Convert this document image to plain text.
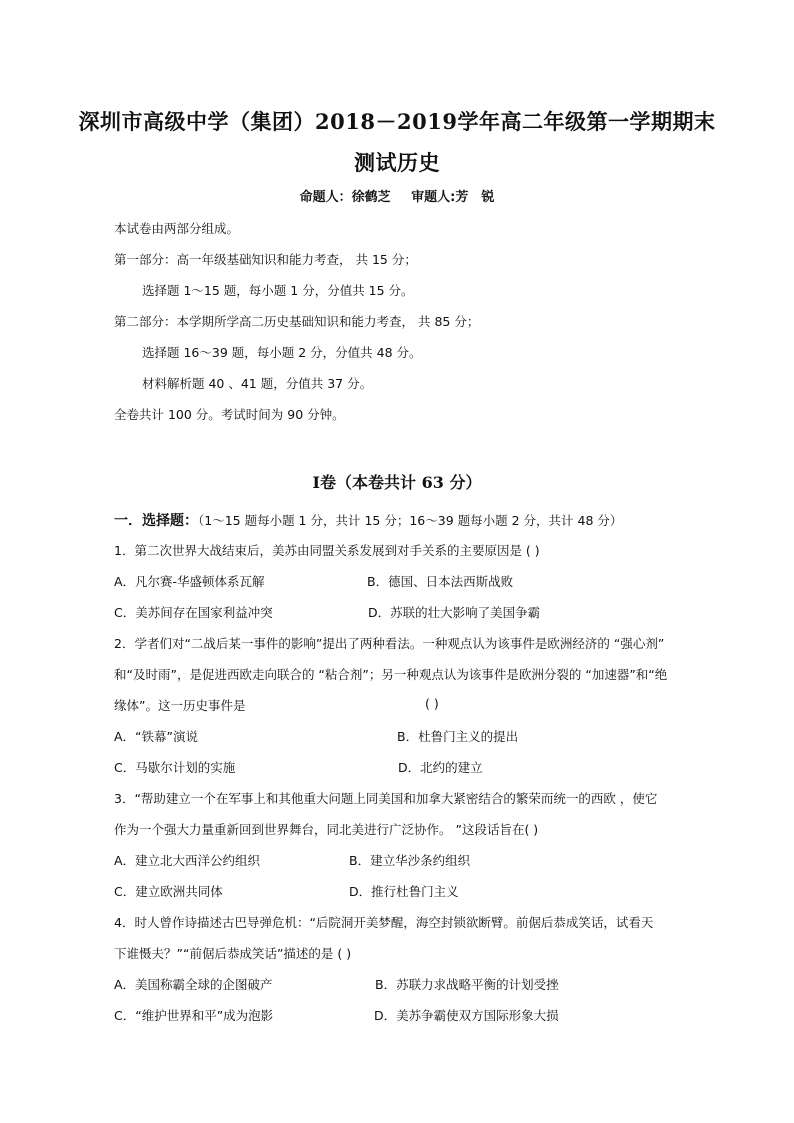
深圳市高级中学（集团）2018－2019学年高二年级第一学期期末
测试历史
命题人：徐鹤芝 审题人:芳　锐
本试卷由两部分组成。
第一部分：高一年级基础知识和能力考查， 共 15 分；
选择题 1～15 题，每小题 1 分，分值共 15 分。
第二部分：本学期所学高二历史基础知识和能力考查， 共 85 分；
选择题 16～39 题，每小题 2 分，分值共 48 分。
材料解析题 40 、41 题，分值共 37 分。
全卷共计 100 分。考试时间为 90 分钟。
Ⅰ卷（本卷共计 63 分）
一．选择题：（1～15 题每小题 1 分，共计 15 分；16～39 题每小题 2 分，共计 48 分）
1．第二次世界大战结束后，美苏由同盟关系发展到对手关系的主要原因是 ( )
A．凡尔赛-华盛顿体系瓦解	B．德国、日本法西斯战败
C．美苏间存在国家利益冲突	D．苏联的壮大影响了美国争霸
2．学者们对“二战后某一事件的影响”提出了两种看法。一种观点认为该事件是欧洲经济的 “强心剂”
和“及时雨”，是促进西欧走向联合的 “粘合剂”；另一种观点认为该事件是欧洲分裂的 “加速器”和“绝
缘体”。这一历史事件是	( )
A．“铁幕”演说	B．杜鲁门主义的提出
C．马歇尔计划的实施	D．北约的建立
3．“帮助建立一个在军事上和其他重大问题上同美国和加拿大紧密结合的繁荣而统一的西欧 ，使它
作为一个强大力量重新回到世界舞台，同北美进行广泛协作。 ”这段话旨在( )
A．建立北大西洋公约组织	B．建立华沙条约组织
C．建立欧洲共同体	D．推行杜鲁门主义
4．时人曾作诗描述古巴导弹危机：“后院洞开美梦醒，海空封锁欲断臂。前倨后恭成笑话，试看天
下谁慑夫？”“前倨后恭成笑话”描述的是 ( )
A．美国称霸全球的企图破产	B．苏联力求战略平衡的计划受挫
C．“维护世界和平”成为泡影	D．美苏争霸使双方国际形象大损
